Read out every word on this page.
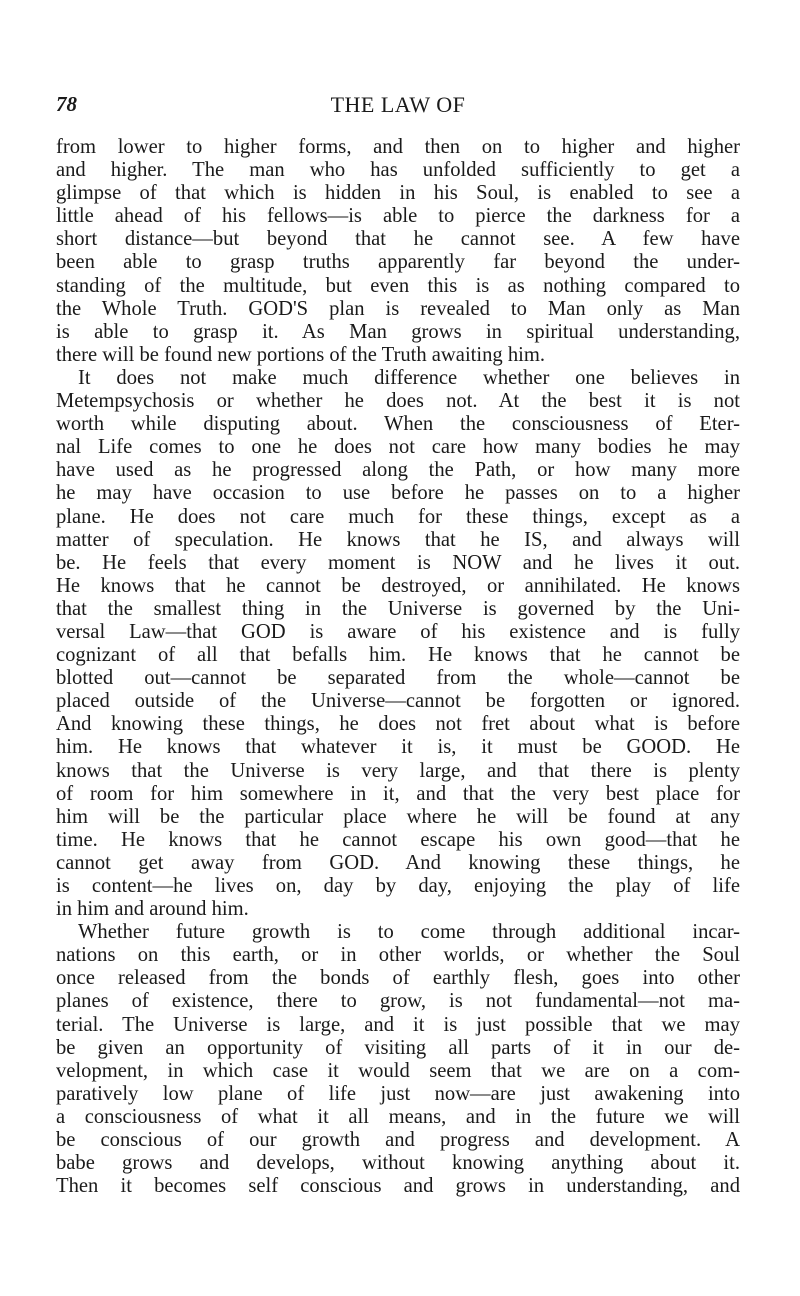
78	THE LAW OF
from lower to higher forms, and then on to higher and higher
and higher. The man who has unfolded sufficiently to get a
glimpse of that which is hidden in his Soul, is enabled to see a
little ahead of his fellows—is able to pierce the darkness for a
short distance—but beyond that he cannot see. A few have
been able to grasp truths apparently far beyond the under-
standing of the multitude, but even this is as nothing compared to
the Whole Truth. GOD'S plan is revealed to Man only as Man
is able to grasp it. As Man grows in spiritual understanding,
there will be found new portions of the Truth awaiting him.
It does not make much difference whether one believes in
Metempsychosis or whether he does not. At the best it is not
worth while disputing about. When the consciousness of Eter-
nal Life comes to one he does not care how many bodies he may
have used as he progressed along the Path, or how many more
he may have occasion to use before he passes on to a higher
plane. He does not care much for these things, except as a
matter of speculation. He knows that he IS, and always will
be. He feels that every moment is NOW and he lives it out.
He knows that he cannot be destroyed, or annihilated. He knows
that the smallest thing in the Universe is governed by the Uni-
versal Law—that GOD is aware of his existence and is fully
cognizant of all that befalls him. He knows that he cannot be
blotted out—cannot be separated from the whole—cannot be
placed outside of the Universe—cannot be forgotten or ignored.
And knowing these things, he does not fret about what is before
him. He knows that whatever it is, it must be GOOD. He
knows that the Universe is very large, and that there is plenty
of room for him somewhere in it, and that the very best place for
him will be the particular place where he will be found at any
time. He knows that he cannot escape his own good—that he
cannot get away from GOD. And knowing these things, he
is content—he lives on, day by day, enjoying the play of life
in him and around him.
Whether future growth is to come through additional incar-
nations on this earth, or in other worlds, or whether the Soul
once released from the bonds of earthly flesh, goes into other
planes of existence, there to grow, is not fundamental—not ma-
terial. The Universe is large, and it is just possible that we may
be given an opportunity of visiting all parts of it in our de-
velopment, in which case it would seem that we are on a com-
paratively low plane of life just now—are just awakening into
a consciousness of what it all means, and in the future we will
be conscious of our growth and progress and development. A
babe grows and develops, without knowing anything about it.
Then it becomes self conscious and grows in understanding, and
